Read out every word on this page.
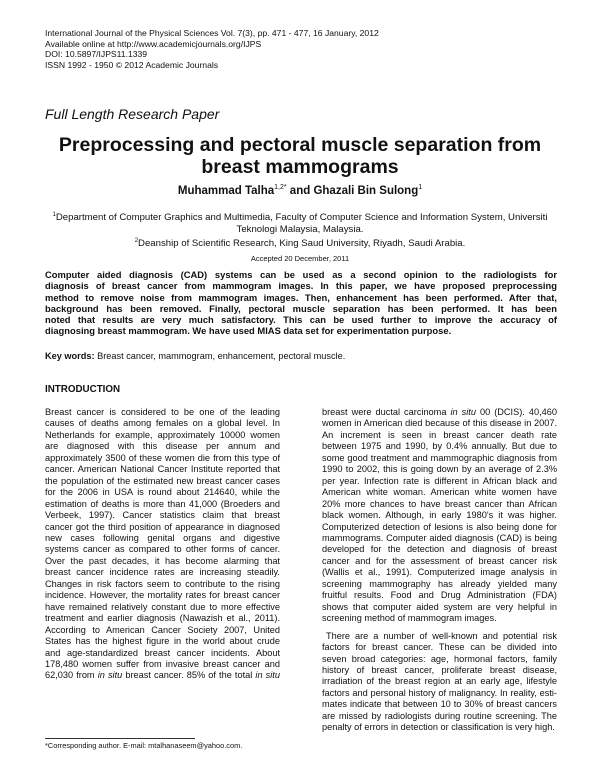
International Journal of the Physical Sciences Vol. 7(3), pp. 471 - 477, 16 January, 2012
Available online at http://www.academicjournals.org/IJPS
DOI: 10.5897/IJPS11.1339
ISSN 1992 - 1950 © 2012 Academic Journals
Full Length Research Paper
Preprocessing and pectoral muscle separation from
breast mammograms
Muhammad Talha$^{1,2*}$ and Ghazali Bin Sulong$^1$
$^1$Department of Computer Graphics and Multimedia, Faculty of Computer Science and Information System, Universiti
Teknologi Malaysia, Malaysia.
$^2$Deanship of Scientific Research, King Saud University, Riyadh, Saudi Arabia.
Accepted 20 December, 2011
Computer aided diagnosis (CAD) systems can be used as a second opinion to the radiologists for
diagnosis of breast cancer from mammogram images. In this paper, we have proposed preprocessing
method to remove noise from mammogram images. Then, enhancement has been performed. After that,
background has been removed. Finally, pectoral muscle separation has been performed. It has been
noted that results are very much satisfactory. This can be used further to improve the accuracy of
diagnosing breast mammogram. We have used MIAS data set for experimentation purpose.
Key words: Breast cancer, mammogram, enhancement, pectoral muscle.
INTRODUCTION
Breast cancer is considered to be one of the leading
causes of deaths among females on a global level. In
Netherlands for example, approximately 10000 women
are diagnosed with this disease per annum and
approximately 3500 of these women die from this type of
cancer. American National Cancer Institute reported that
the population of the estimated new breast cancer cases
for the 2006 in USA is round about 214640, while the
estimation of deaths is more than 41,000 (Broeders and
Verbeek, 1997). Cancer statistics claim that breast
cancer got the third position of appearance in diagnosed
new cases following genital organs and digestive
systems cancer as compared to other forms of cancer.
Over the past decades, it has become alarming that
breast cancer incidence rates are increasing steadily.
Changes in risk factors seem to contribute to the rising
incidence. However, the mortality rates for breast cancer
have remained relatively constant due to more effective
treatment and earlier diagnosis (Nawazish et al., 2011).
According to American Cancer Society 2007, United
States has the highest figure in the world about crude
and age-standardized breast cancer incidents. About
178,480 women suffer from invasive breast cancer and
62,030 from in situ breast cancer. 85% of the total in situ
breast were ductal carcinoma in situ 00 (DCIS). 40,460
women in American died because of this disease in 2007.
An increment is seen in breast cancer death rate
between 1975 and 1990, by 0.4% annually. But due to
some good treatment and mammographic diagnosis from
1990 to 2002, this is going down by an average of 2.3%
per year. Infection rate is different in African black and
American white woman. American white women have
20% more chances to have breast cancer than African
black women. Although, in early 1980's it was higher.
Computerized detection of lesions is also being done for
mammograms. Computer aided diagnosis (CAD) is being
developed for the detection and diagnosis of breast
cancer and for the assessment of breast cancer risk
(Wallis et al., 1991). Computerized image analysis in
screening mammography has already yielded many
fruitful results. Food and Drug Administration (FDA)
shows that computer aided system are very helpful in
screening method of mammogram images.
There are a number of well-known and potential risk
factors for breast cancer. These can be divided into
seven broad categories: age, hormonal factors, family
history of breast cancer, proliferate breast disease,
irradiation of the breast region at an early age, lifestyle
factors and personal history of malignancy. In reality, esti-
mates indicate that between 10 to 30% of breast cancers
are missed by radiologists during routine screening. The
penalty of errors in detection or classification is very high.
*Corresponding author. E-mail: mtalhanaseem@yahoo.com.
